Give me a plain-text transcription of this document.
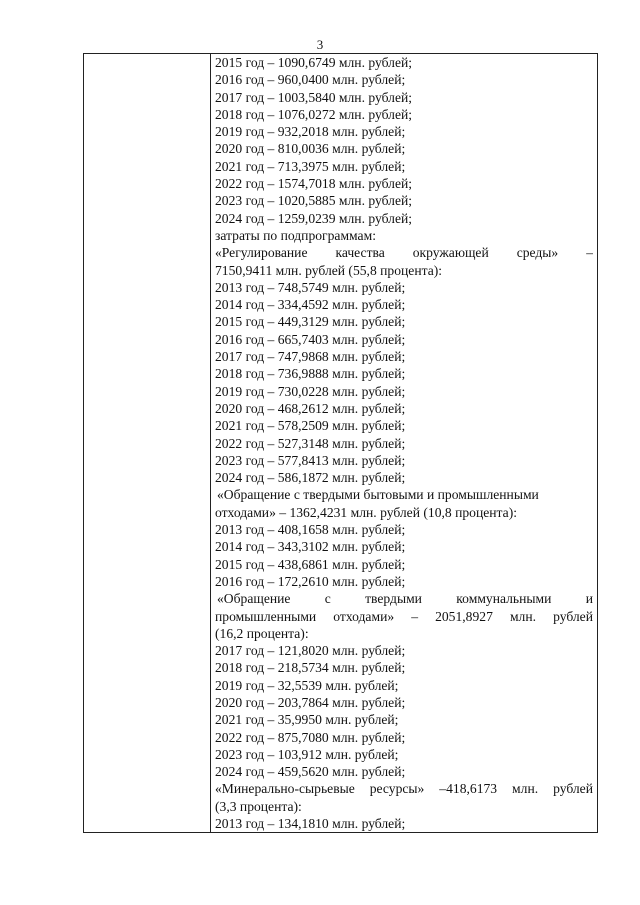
3
2015 год – 1090,6749 млн. рублей;
2016 год – 960,0400 млн. рублей;
2017 год – 1003,5840 млн. рублей;
2018 год – 1076,0272 млн. рублей;
2019 год – 932,2018 млн. рублей;
2020 год – 810,0036 млн. рублей;
2021 год – 713,3975 млн. рублей;
2022 год – 1574,7018 млн. рублей;
2023 год – 1020,5885 млн. рублей;
2024 год – 1259,0239 млн. рублей;
затраты по подпрограммам:
«Регулирование качества окружающей среды» –
7150,9411 млн. рублей (55,8 процента):
2013 год – 748,5749 млн. рублей;
2014 год – 334,4592 млн. рублей;
2015 год – 449,3129 млн. рублей;
2016 год – 665,7403 млн. рублей;
2017 год – 747,9868 млн. рублей;
2018 год – 736,9888 млн. рублей;
2019 год – 730,0228 млн. рублей;
2020 год – 468,2612 млн. рублей;
2021 год – 578,2509 млн. рублей;
2022 год – 527,3148 млн. рублей;
2023 год – 577,8413 млн. рублей;
2024 год – 586,1872 млн. рублей;
«Обращение с твердыми бытовыми и промышленными
отходами» – 1362,4231 млн. рублей (10,8 процента):
2013 год – 408,1658 млн. рублей;
2014 год – 343,3102 млн. рублей;
2015 год – 438,6861 млн. рублей;
2016 год – 172,2610 млн. рублей;
«Обращение с твердыми коммунальными и
промышленными отходами» – 2051,8927 млн. рублей
(16,2 процента):
2017 год – 121,8020 млн. рублей;
2018 год – 218,5734 млн. рублей;
2019 год – 32,5539 млн. рублей;
2020 год – 203,7864 млн. рублей;
2021 год – 35,9950 млн. рублей;
2022 год – 875,7080 млн. рублей;
2023 год – 103,912 млн. рублей;
2024 год – 459,5620 млн. рублей;
«Минерально-сырьевые ресурсы» –418,6173 млн. рублей
(3,3 процента):
2013 год – 134,1810 млн. рублей;
